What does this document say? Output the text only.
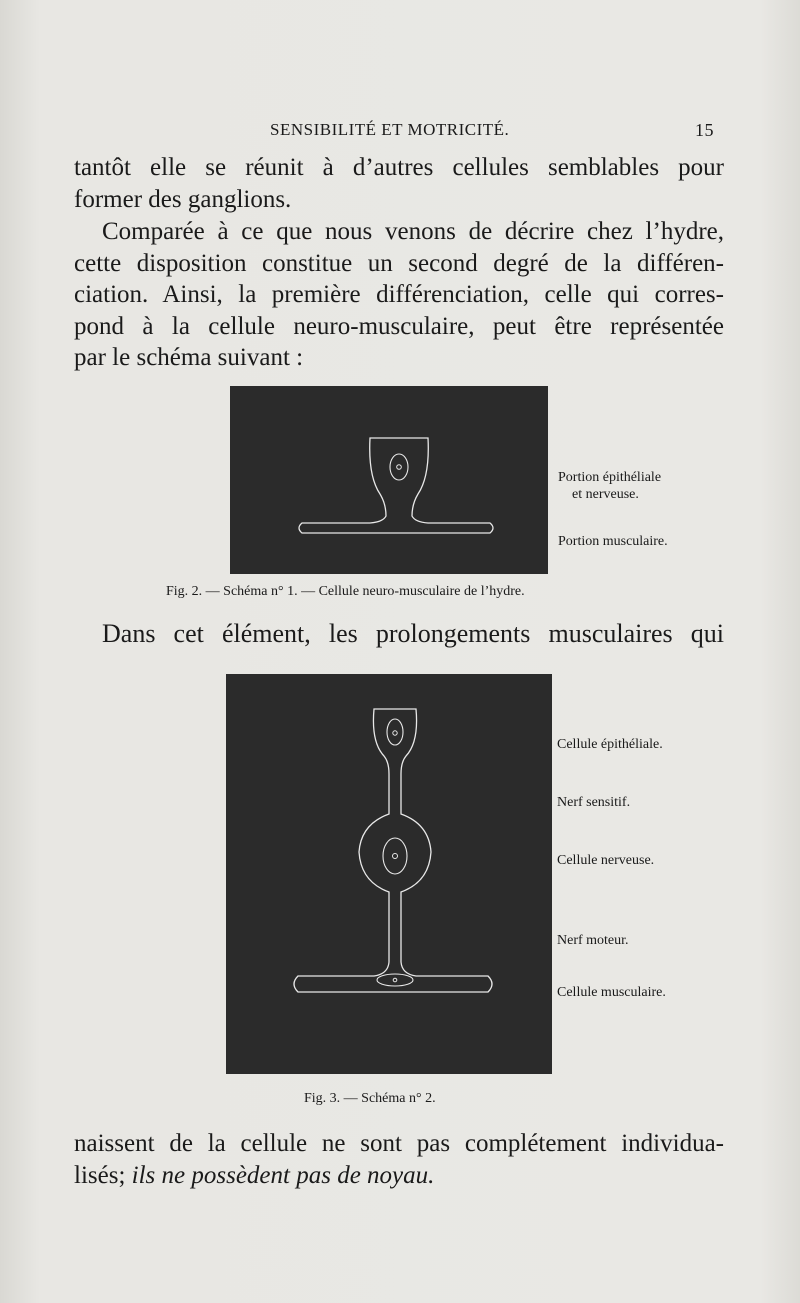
SENSIBILITÉ ET MOTRICITÉ.	15
tantôt elle se réunit à d’autres cellules semblables pour
former des ganglions.
Comparée à ce que nous venons de décrire chez l’hydre,
cette disposition constitue un second degré de la différen-
ciation. Ainsi, la première différenciation, celle qui corres-
pond à la cellule neuro-musculaire, peut être représentée
par le schéma suivant :
Portion épithéliale
et nerveuse.
Portion musculaire.
Fig. 2. — Schéma n° 1. — Cellule neuro-musculaire de l’hydre.
Dans cet élément, les prolongements musculaires qui
Cellule épithéliale.
Nerf sensitif.
Cellule nerveuse.
Nerf moteur.
Cellule musculaire.
Fig. 3. — Schéma n° 2.
naissent de la cellule ne sont pas complétement individua-
lisés; ils ne possèdent pas de noyau.
